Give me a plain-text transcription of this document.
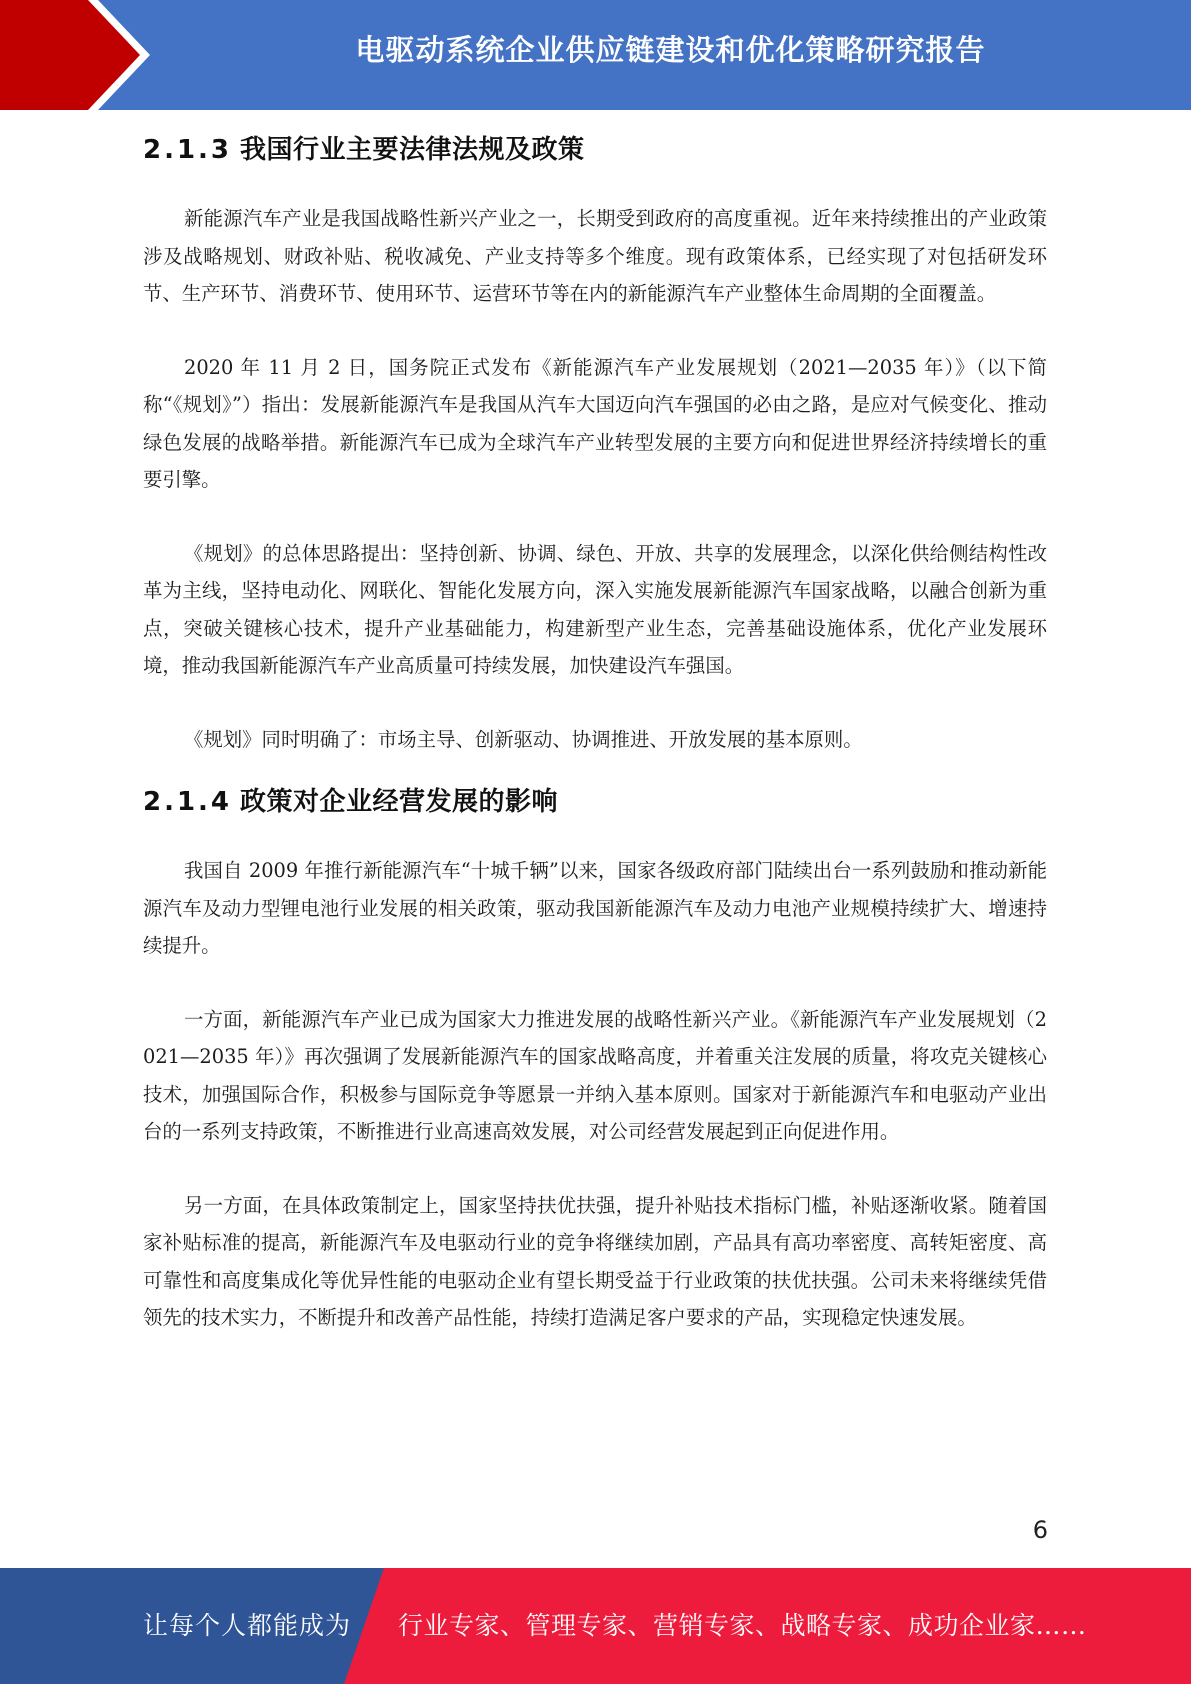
电驱动系统企业供应链建设和优化策略研究报告
2.1.3 我国行业主要法律法规及政策

新能源汽车产业是我国战略性新兴产业之一，长期受到政府的高度重视。近年来持续推出的产业政策涉及战略规划、财政补贴、税收减免、产业支持等多个维度。现有政策体系，已经实现了对包括研发环节、生产环节、消费环节、使用环节、运营环节等在内的新能源汽车产业整体生命周期的全面覆盖。

2020 年 11 月 2 日，国务院正式发布《新能源汽车产业发展规划（2021—2035 年）》（以下简称“《规划》”）指出：发展新能源汽车是我国从汽车大国迈向汽车强国的必由之路，是应对气候变化、推动绿色发展的战略举措。新能源汽车已成为全球汽车产业转型发展的主要方向和促进世界经济持续增长的重要引擎。

《规划》的总体思路提出：坚持创新、协调、绿色、开放、共享的发展理念，以深化供给侧结构性改革为主线，坚持电动化、网联化、智能化发展方向，深入实施发展新能源汽车国家战略，以融合创新为重点，突破关键核心技术，提升产业基础能力，构建新型产业生态，完善基础设施体系，优化产业发展环境，推动我国新能源汽车产业高质量可持续发展，加快建设汽车强国。

《规划》同时明确了：市场主导、创新驱动、协调推进、开放发展的基本原则。

2.1.4 政策对企业经营发展的影响

我国自 2009 年推行新能源汽车“十城千辆”以来，国家各级政府部门陆续出台一系列鼓励和推动新能源汽车及动力型锂电池行业发展的相关政策，驱动我国新能源汽车及动力电池产业规模持续扩大、增速持续提升。

一方面，新能源汽车产业已成为国家大力推进发展的战略性新兴产业。《新能源汽车产业发展规划（2021—2035 年）》再次强调了发展新能源汽车的国家战略高度，并着重关注发展的质量，将攻克关键核心技术，加强国际合作，积极参与国际竞争等愿景一并纳入基本原则。国家对于新能源汽车和电驱动产业出台的一系列支持政策，不断推进行业高速高效发展，对公司经营发展起到正向促进作用。

另一方面，在具体政策制定上，国家坚持扶优扶强，提升补贴技术指标门槛，补贴逐渐收紧。随着国家补贴标准的提高，新能源汽车及电驱动行业的竞争将继续加剧，产品具有高功率密度、高转矩密度、高可靠性和高度集成化等优异性能的电驱动企业有望长期受益于行业政策的扶优扶强。公司未来将继续凭借领先的技术实力，不断提升和改善产品性能，持续打造满足客户要求的产品，实现稳定快速发展。

6
让每个人都能成为 行业专家、管理专家、营销专家、战略专家、成功企业家……
